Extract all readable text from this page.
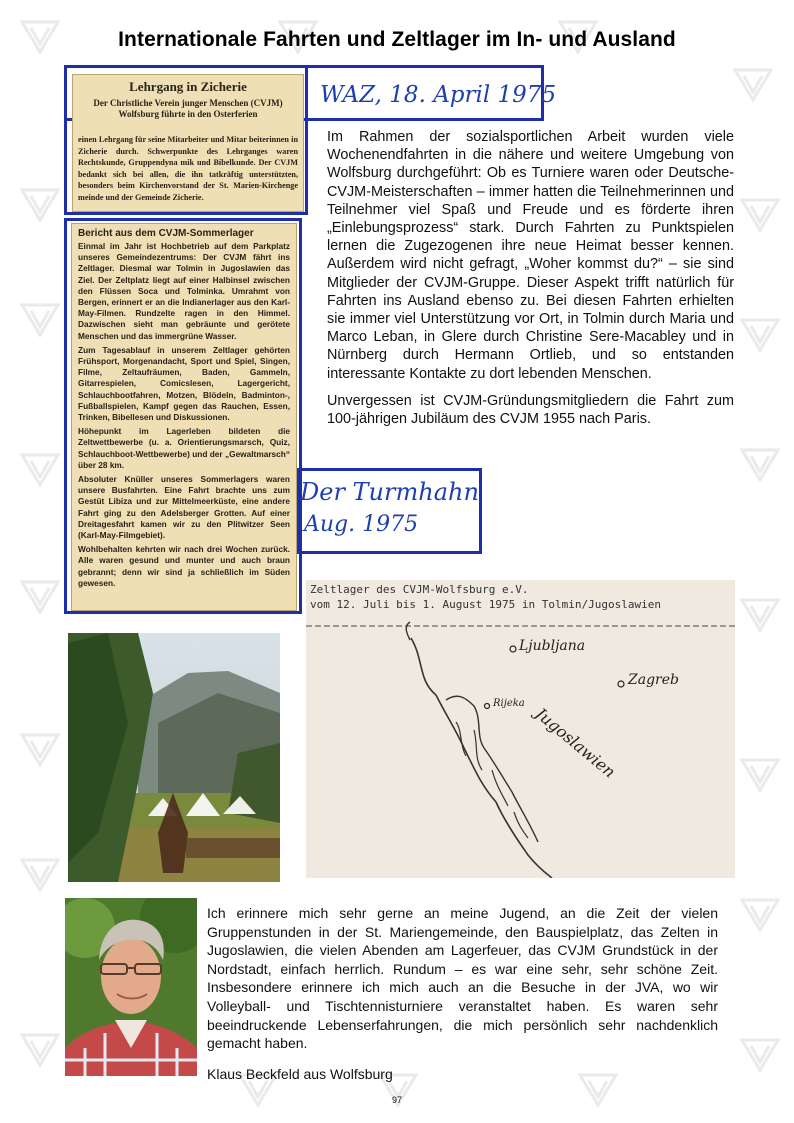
Internationale Fahrten und Zeltlager im In- und Ausland
Lehrgang in Zicherie
Der Christliche Verein junger Menschen (CVJM) Wolfsburg führte in den Osterferien
einen Lehrgang für seine Mitarbeiter und Mitar beiterinnen in Zicherie durch. Schwerpunkte des Lehrganges waren Rechtskunde, Gruppendyna mik und Bibelkunde. Der CVJM bedankt sich bei allen, die ihn tatkräftig unterstützten, besonders beim Kirchenvorstand der St. Marien-Kirchenge meinde und der Gemeinde Zicherie.
WAZ, 18. April 1975
Bericht aus dem CVJM-Sommerlager

Einmal im Jahr ist Hochbetrieb auf dem Parkplatz unseres Gemeindezentrums: Der CVJM fährt ins Zeltlager. Diesmal war Tolmin in Jugoslawien das Ziel. Der Zeltplatz liegt auf einer Halbinsel zwischen den Flüssen Soca und Tolminka. Umrahmt von Bergen, erinnert er an die Indianerlager aus den Karl-May-Filmen. Rundzelte ragen in den Himmel. Dazwischen sieht man gebräunte und gerötete Menschen und das immergrüne Wasser.

Zum Tagesablauf in unserem Zeltlager gehörten Frühsport, Morgenandacht, Sport und Spiel, Singen, Filme, Zeltaufräumen, Baden, Gammeln, Gitarrespielen, Comicslesen, Lagergericht, Schlauchbootfahren, Motzen, Blödeln, Badminton-, Fußballspielen, Kampf gegen das Rauchen, Essen, Trinken, Bibellesen und Diskussionen.

Höhepunkt im Lagerleben bildeten die Zeltwettbewerbe (u. a. Orientierungsmarsch, Quiz, Schlauchboot-Wettbewerbe) und der „Gewaltmarsch“ über 28 km.

Absoluter Knüller unseres Sommerlagers waren unsere Busfahrten. Eine Fahrt brachte uns zum Gestüt Libiza und zur Mittelmeerküste, eine andere Fahrt ging zu den Adelsberger Grotten. Auf einer Dreitagesfahrt kamen wir zu den Plitwitzer Seen (Karl-May-Filmgebiet).

Wohlbehalten kehrten wir nach drei Wochen zurück. Alle waren gesund und munter und auch braun gebrannt; denn wir sind ja schließlich im Süden gewesen.

Der Turmhahn
Aug. 1975

Im Rahmen der sozialsportlichen Arbeit wurden viele Wochenendfahrten in die nähere und weitere Umgebung von Wolfsburg durchgeführt: Ob es Turniere waren oder Deutsche-CVJM-Meisterschaften – immer hatten die Teilnehmerinnen und Teilnehmer viel Spaß und Freude und es förderte ihren „Einlebungsprozess“ stark. Durch Fahrten zu Punktspielen lernen die Zugezogenen ihre neue Heimat besser kennen. Außerdem wird nicht gefragt, „Woher kommst du?“ – sie sind Mitglieder der CVJM-Gruppe. Dieser Aspekt trifft natürlich für Fahrten ins Ausland ebenso zu. Bei diesen Fahrten erhielten sie immer viel Unterstützung vor Ort, in Tolmin durch Maria und Marco Leban, in Glere durch Christine Sere-Macabley und in Nürnberg durch Hermann Ortlieb, und so entstanden interessante Kontakte zu dort lebenden Menschen.

Unvergessen ist CVJM-Gründungsmitgliedern die Fahrt zum 100-jährigen Jubiläum des CVJM 1955 nach Paris.

Zeltlager des CVJM-Wolfsburg e.V.
vom 12. Juli bis 1. August 1975 in Tolmin/Jugoslawien
Ljubljana
Zagreb
Rijeka
Jugoslawien

Ich erinnere mich sehr gerne an meine Jugend, an die Zeit der vielen Gruppenstunden in der St. Mariengemeinde, den Bauspielplatz, das Zelten in Jugoslawien, die vielen Abenden am Lagerfeuer, das CVJM Grundstück in der Nordstadt, einfach herrlich. Rundum – es war eine sehr, sehr schöne Zeit. Insbesondere erinnere ich mich auch an die Besuche in der JVA, wo wir Volleyball- und Tischtennisturniere veranstaltet haben. Es waren sehr beeindruckende Lebenserfahrungen, die mich persönlich sehr nachdenklich gemacht haben.

Klaus Beckfeld aus Wolfsburg
97
